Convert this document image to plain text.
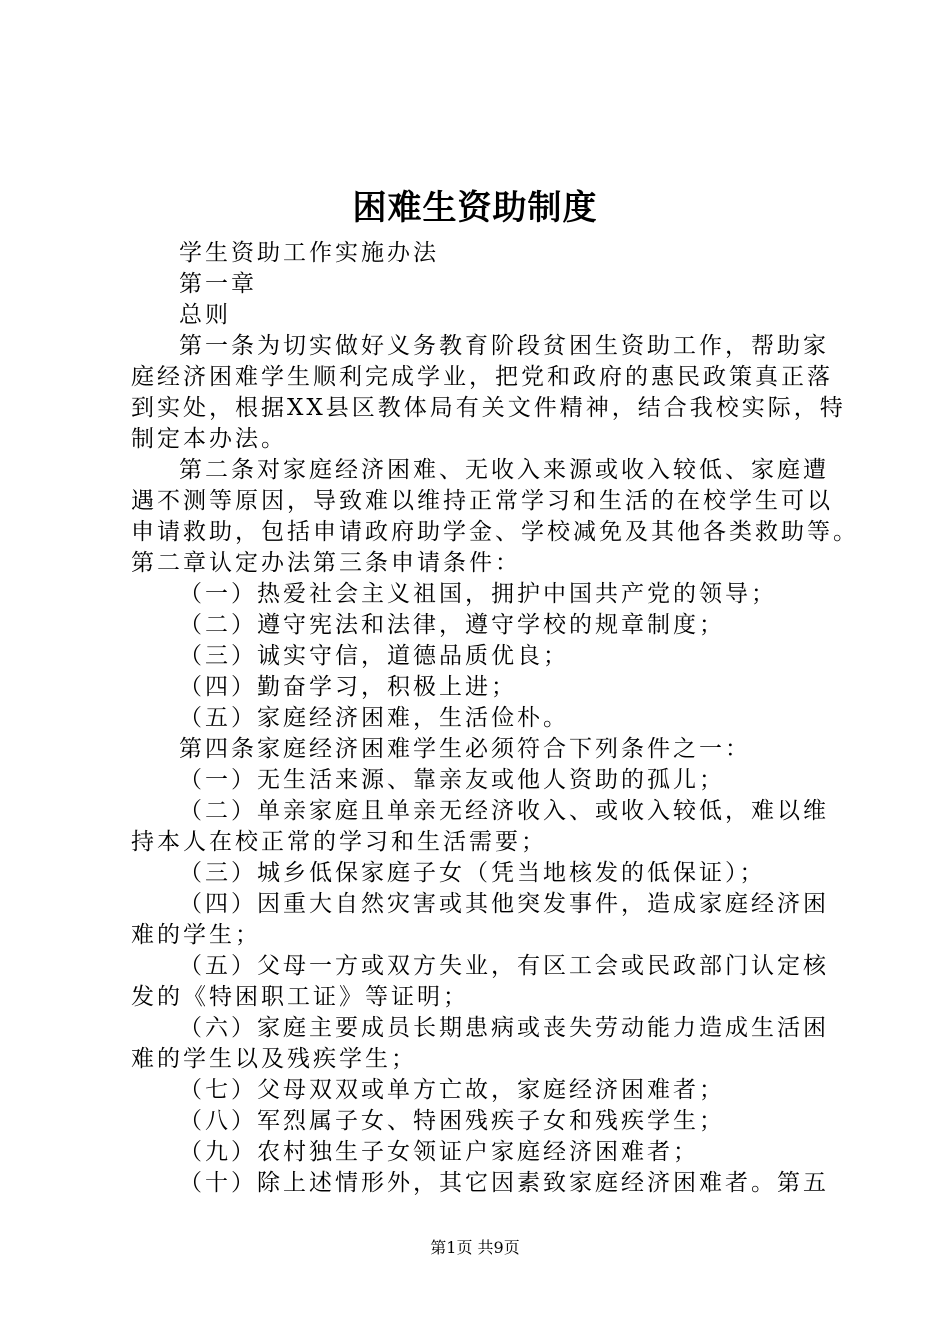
困难生资助制度
学生资助工作实施办法
第一章
总则
第一条为切实做好义务教育阶段贫困生资助工作，帮助家
庭经济困难学生顺利完成学业，把党和政府的惠民政策真正落
到实处，根据XX县区教体局有关文件精神，结合我校实际，特
制定本办法。
第二条对家庭经济困难、无收入来源或收入较低、家庭遭
遇不测等原因，导致难以维持正常学习和生活的在校学生可以
申请救助，包括申请政府助学金、学校减免及其他各类救助等。
第二章认定办法第三条申请条件：
（一）热爱社会主义祖国，拥护中国共产党的领导；
（二）遵守宪法和法律，遵守学校的规章制度；
（三）诚实守信，道德品质优良；
（四）勤奋学习，积极上进；
（五）家庭经济困难，生活俭朴。
第四条家庭经济困难学生必须符合下列条件之一：
（一）无生活来源、靠亲友或他人资助的孤儿；
（二）单亲家庭且单亲无经济收入、或收入较低，难以维
持本人在校正常的学习和生活需要；
（三）城乡低保家庭子女（凭当地核发的低保证）；
（四）因重大自然灾害或其他突发事件，造成家庭经济困
难的学生；
（五）父母一方或双方失业，有区工会或民政部门认定核
发的《特困职工证》等证明；
（六）家庭主要成员长期患病或丧失劳动能力造成生活困
难的学生以及残疾学生；
（七）父母双双或单方亡故，家庭经济困难者；
（八）军烈属子女、特困残疾子女和残疾学生；
（九）农村独生子女领证户家庭经济困难者；
（十）除上述情形外，其它因素致家庭经济困难者。第五
第1页 共9页
